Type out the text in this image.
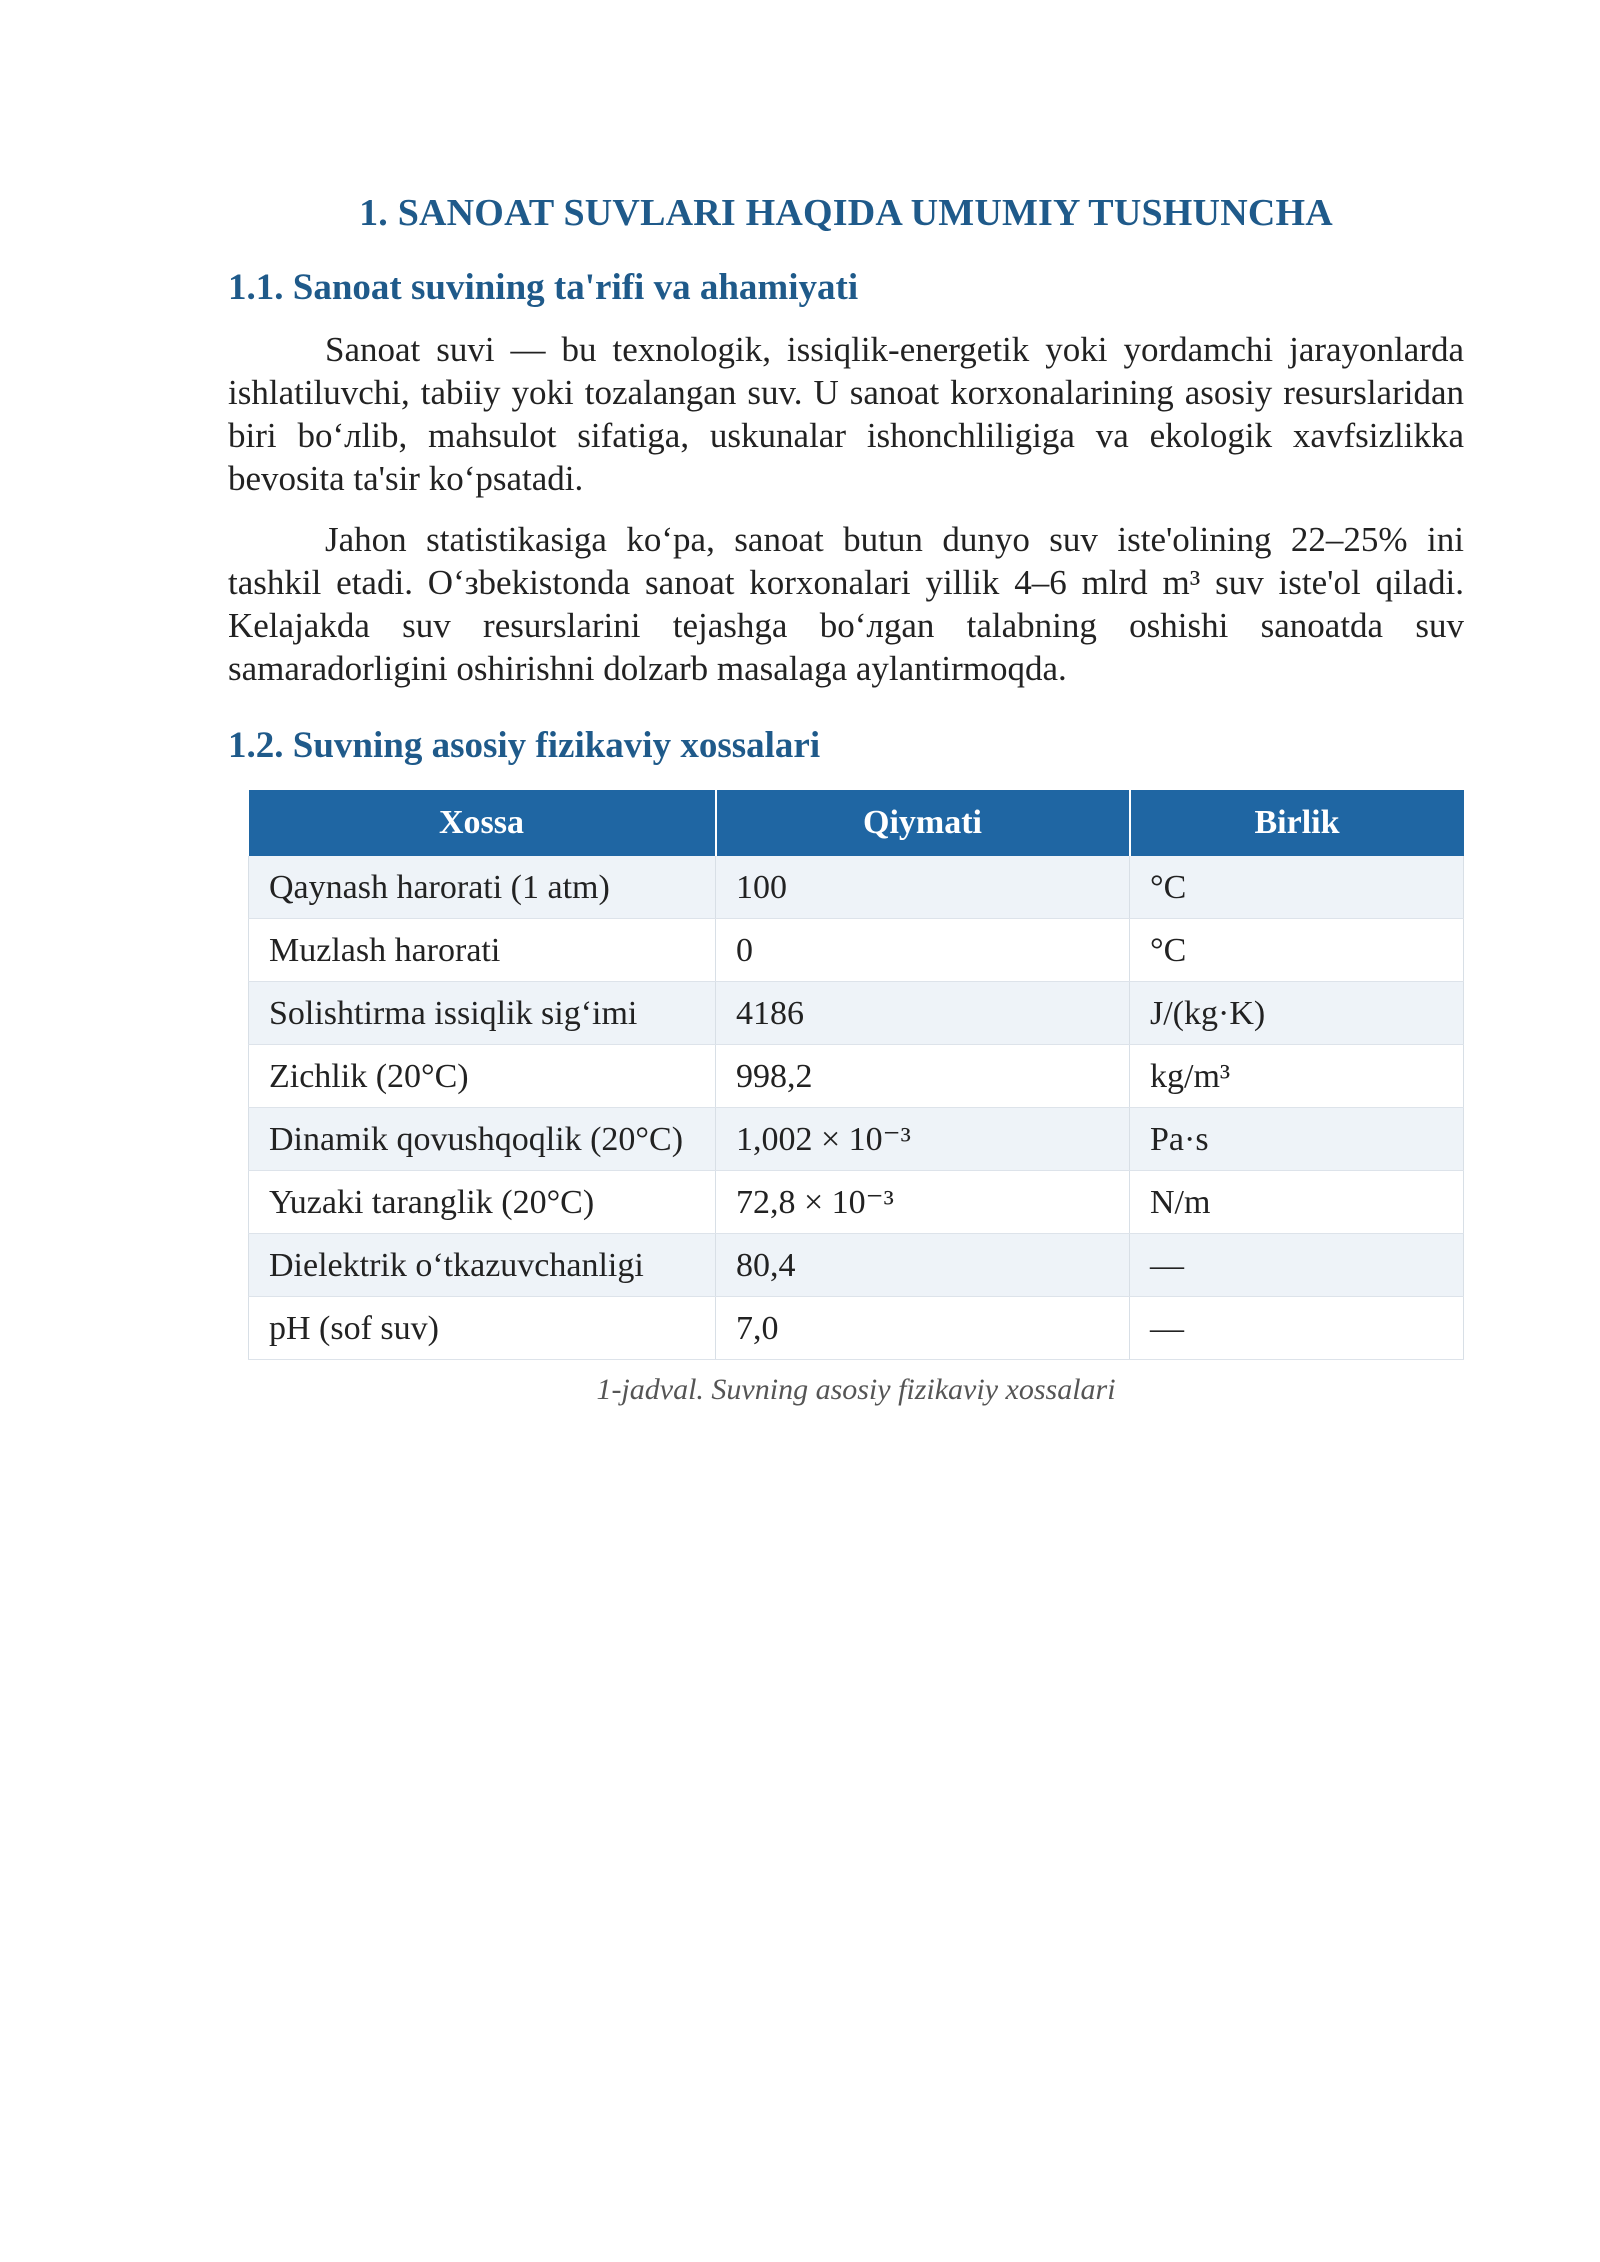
1. SANOAT SUVLARI HAQIDA UMUMIY TUSHUNCHA
1.1. Sanoat suvining ta'rifi va ahamiyati

Sanoat suvi — bu texnologik, issiqlik-energetik yoki yordamchi jarayonlarda ishlatiluvchi, tabiiy yoki tozalangan suv. U sanoat korxonalarining asosiy resurslaridan biri boʻлlib, mahsulot sifatiga, uskunalar ishonchliligiga va ekologik xavfsizlikka bevosita ta'sir koʻpsatadi.

Jahon statistikasiga koʻpa, sanoat butun dunyo suv iste'olining 22–25% ini tashkil etadi. Oʻзbekistonda sanoat korxonalari yillik 4–6 mlrd m³ suv iste'ol qiladi. Kelajakda suv resurslarini tejashga boʻлgan talabning oshishi sanoatda suv samaradorligini oshirishni dolzarb masalaga aylantirmoqda.

1.2. Suvning asosiy fizikaviy xossalari
Xossa	Qiymati	Birlik
Qaynash harorati (1 atm)	100	°C
Muzlash harorati	0	°C
Solishtirma issiqlik sigʻimi	4186	J/(kg·K)
Zichlik (20°C)	998,2	kg/m³
Dinamik qovushqoqlik (20°C)	1,002 × 10⁻³	Pa·s
Yuzaki taranglik (20°C)	72,8 × 10⁻³	N/m
Dielektrik oʻtkazuvchanligi	80,4	—
pH (sof suv)	7,0	—
1-jadval. Suvning asosiy fizikaviy xossalari
